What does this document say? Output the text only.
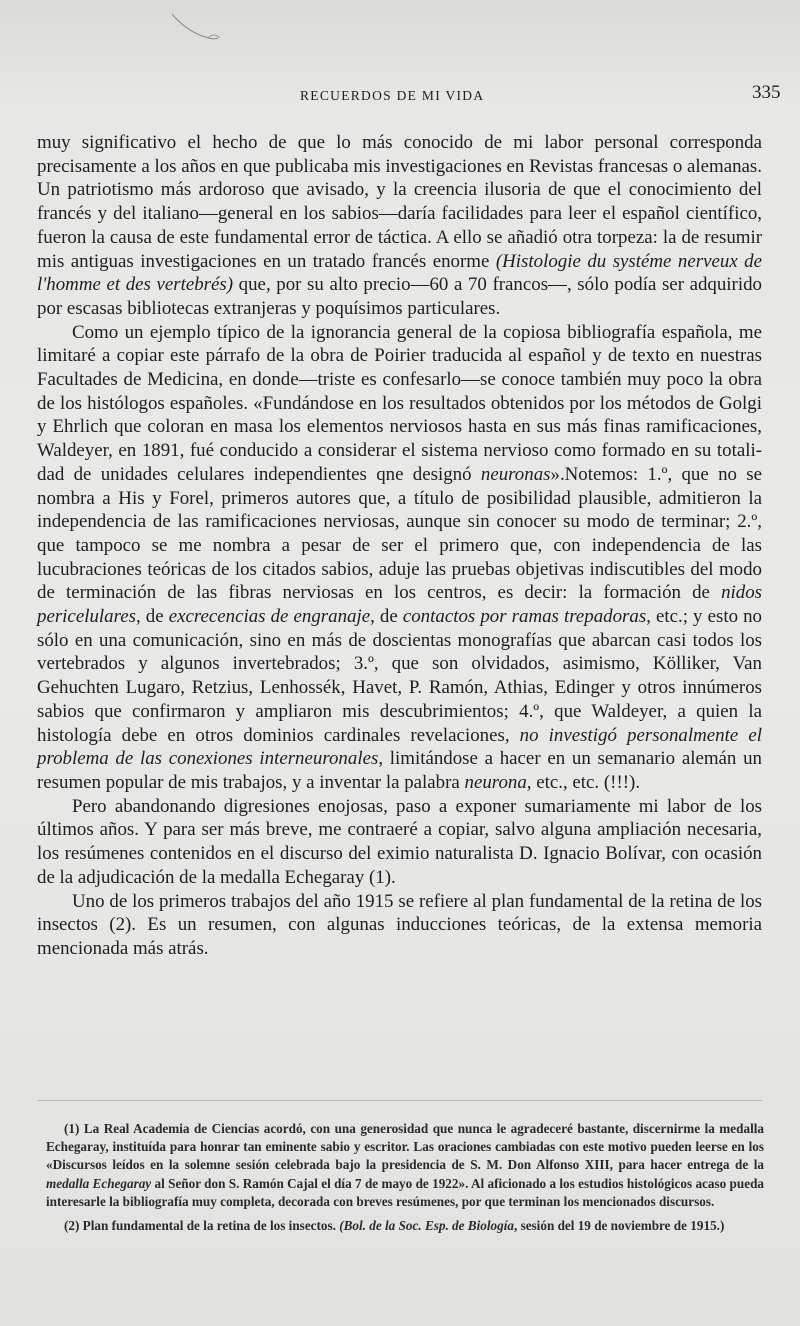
RECUERDOS DE MI VIDA	335

muy significativo el hecho de que lo más conocido de mi labor personal corresponda precisamente a los años en que publicaba mis investigaciones en Revistas francesas o alemanas. Un patriotismo más ardoroso que avisado, y la creencia ilusoria de que el conocimiento del francés y del italiano—general en los sabios—daría facilidades para leer el español científico, fueron la causa de este fundamental error de táctica. A ello se añadió otra torpeza: la de resumir mis antiguas investigaciones en un tratado francés enorme (Histologie du systéme nerveux de l'homme et des vertebrés) que, por su alto precio—60 a 70 francos—, sólo podía ser adquirido por escasas bibliotecas extranjeras y poquísimos particulares.

Como un ejemplo típico de la ignorancia general de la copiosa bibliografía española, me limitaré a copiar este párrafo de la obra de Poirier traducida al español y de texto en nuestras Facultades de Medicina, en donde—triste es confesarlo—se conoce también muy poco la obra de los histólogos españoles. «Fundándose en los resultados obtenidos por los métodos de Golgi y Ehrlich que coloran en masa los elementos nerviosos hasta en sus más finas ramificaciones, Waldeyer, en 1891, fué conducido a considerar el sistema nervioso como formado en su totalidad de unidades celulares independientes qne designó neuronas».Notemos: 1.º, que no se nombra a His y Forel, primeros autores que, a título de posibilidad plausible, admitieron la independencia de las ramificaciones nerviosas, aunque sin conocer su modo de terminar; 2.º, que tampoco se me nombra a pesar de ser el primero que, con independencia de las lucubraciones teóricas de los citados sabios, aduje las pruebas objetivas indiscutibles del modo de terminación de las fibras nerviosas en los centros, es decir: la formación de nidos pericelulares, de excrecencias de engranaje, de contactos por ramas trepadoras, etc.; y esto no sólo en una comunicación, sino en más de doscientas monografías que abarcan casi todos los vertebrados y algunos invertebrados; 3.º, que son olvidados, asimismo, Kölliker, Van Gehuchten Lugaro, Retzius, Lenhossék, Havet, P. Ramón, Athias, Edinger y otros innúmeros sabios que confirmaron y ampliaron mis descubrimientos; 4.º, que Waldeyer, a quien la histología debe en otros dominios cardinales revelaciones, no investigó personalmente el problema de las conexiones interneuronales, limitándose a hacer en un semanario alemán un resumen popular de mis trabajos, y a inventar la palabra neurona, etc., etc. (!!!).

Pero abandonando digresiones enojosas, paso a exponer sumariamente mi labor de los últimos años. Y para ser más breve, me contraeré a copiar, salvo alguna ampliación necesaria, los resúmenes contenidos en el discurso del eximio naturalista D. Ignacio Bolívar, con ocasión de la adjudicación de la medalla Echegaray (1).

Uno de los primeros trabajos del año 1915 se refiere al plan fundamental de la retina de los insectos (2). Es un resumen, con algunas inducciones teóricas, de la extensa memoria mencionada más atrás.

(1) La Real Academia de Ciencias acordó, con una generosidad que nunca le agradeceré bastante, discernirme la medalla Echegaray, instituída para honrar tan eminente sabio y escritor. Las oraciones cambiadas con este motivo pueden leerse en los «Discursos leídos en la solemne sesión celebrada bajo la presidencia de S. M. Don Alfonso XIII, para hacer entrega de la medalla Echegaray al Señor don S. Ramón Cajal el día 7 de mayo de 1922». Al aficionado a los estudios histológicos acaso pueda interesarle la bibliografía muy completa, decorada con breves resúmenes, por que terminan los mencionados discursos.

(2) Plan fundamental de la retina de los insectos. (Bol. de la Soc. Esp. de Biología, sesión del 19 de noviembre de 1915.)
